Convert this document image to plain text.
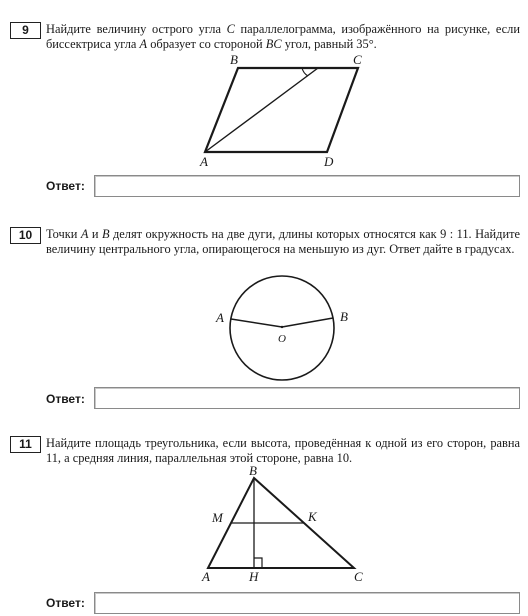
9	Найдите величину острого угла C параллелограмма, изображённого на рисунке, если биссектриса угла A образует со стороной BC угол, равный 35°.
B	C
A	D
Ответ:
10	Точки A и B делят окружность на две дуги, длины которых относятся как 9 : 11. Найдите величину центрального угла, опирающегося на меньшую из дуг. Ответ дайте в градусах.
A	B
O
Ответ:
11	Найдите площадь треугольника, если высота, проведённая к одной из его сторон, равна 11, а средняя линия, параллельная этой стороне, равна 10.
B
M	K
A	H	C
Ответ:
